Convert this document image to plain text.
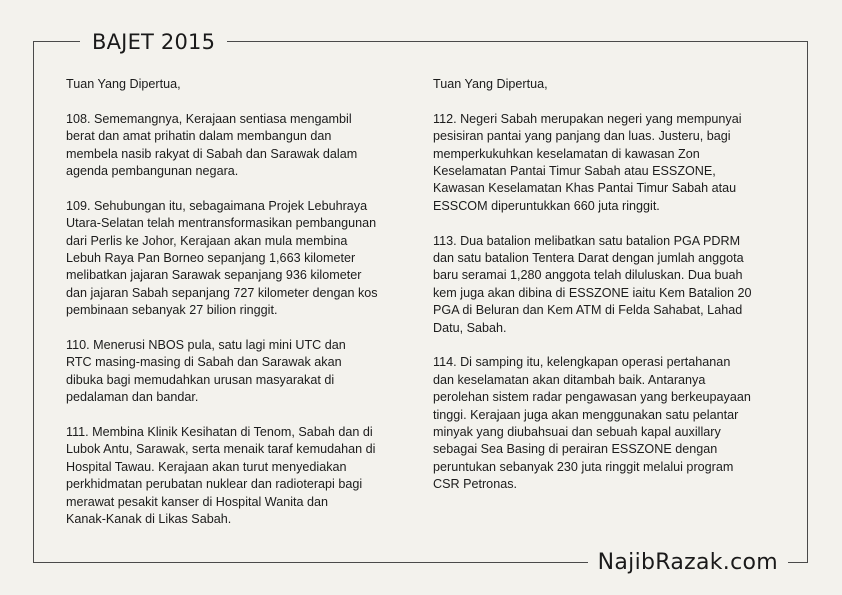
BAJET 2015

Tuan Yang Dipertua,

108. Sememangnya, Kerajaan sentiasa mengambil
berat dan amat prihatin dalam membangun dan
membela nasib rakyat di Sabah dan Sarawak dalam
agenda pembangunan negara.

109. Sehubungan itu, sebagaimana Projek Lebuhraya
Utara-Selatan telah mentransformasikan pembangunan
dari Perlis ke Johor, Kerajaan akan mula membina
Lebuh Raya Pan Borneo sepanjang 1,663 kilometer
melibatkan jajaran Sarawak sepanjang 936 kilometer
dan jajaran Sabah sepanjang 727 kilometer dengan kos
pembinaan sebanyak 27 bilion ringgit.

110. Menerusi NBOS pula, satu lagi mini UTC dan
RTC masing-masing di Sabah dan Sarawak akan
dibuka bagi memudahkan urusan masyarakat di
pedalaman dan bandar.

111. Membina Klinik Kesihatan di Tenom, Sabah dan di
Lubok Antu, Sarawak, serta menaik taraf kemudahan di
Hospital Tawau. Kerajaan akan turut menyediakan
perkhidmatan perubatan nuklear dan radioterapi bagi
merawat pesakit kanser di Hospital Wanita dan
Kanak-Kanak di Likas Sabah.

Tuan Yang Dipertua,

112. Negeri Sabah merupakan negeri yang mempunyai
pesisiran pantai yang panjang dan luas. Justeru, bagi
memperkukuhkan keselamatan di kawasan Zon
Keselamatan Pantai Timur Sabah atau ESSZONE,
Kawasan Keselamatan Khas Pantai Timur Sabah atau
ESSCOM diperuntukkan 660 juta ringgit.

113. Dua batalion melibatkan satu batalion PGA PDRM
dan satu batalion Tentera Darat dengan jumlah anggota
baru seramai 1,280 anggota telah diluluskan. Dua buah
kem juga akan dibina di ESSZONE iaitu Kem Batalion 20
PGA di Beluran dan Kem ATM di Felda Sahabat, Lahad
Datu, Sabah.

114. Di samping itu, kelengkapan operasi pertahanan
dan keselamatan akan ditambah baik. Antaranya
perolehan sistem radar pengawasan yang berkeupayaan
tinggi. Kerajaan juga akan menggunakan satu pelantar
minyak yang diubahsuai dan sebuah kapal auxillary
sebagai Sea Basing di perairan ESSZONE dengan
peruntukan sebanyak 230 juta ringgit melalui program
CSR Petronas.

NajibRazak.com
